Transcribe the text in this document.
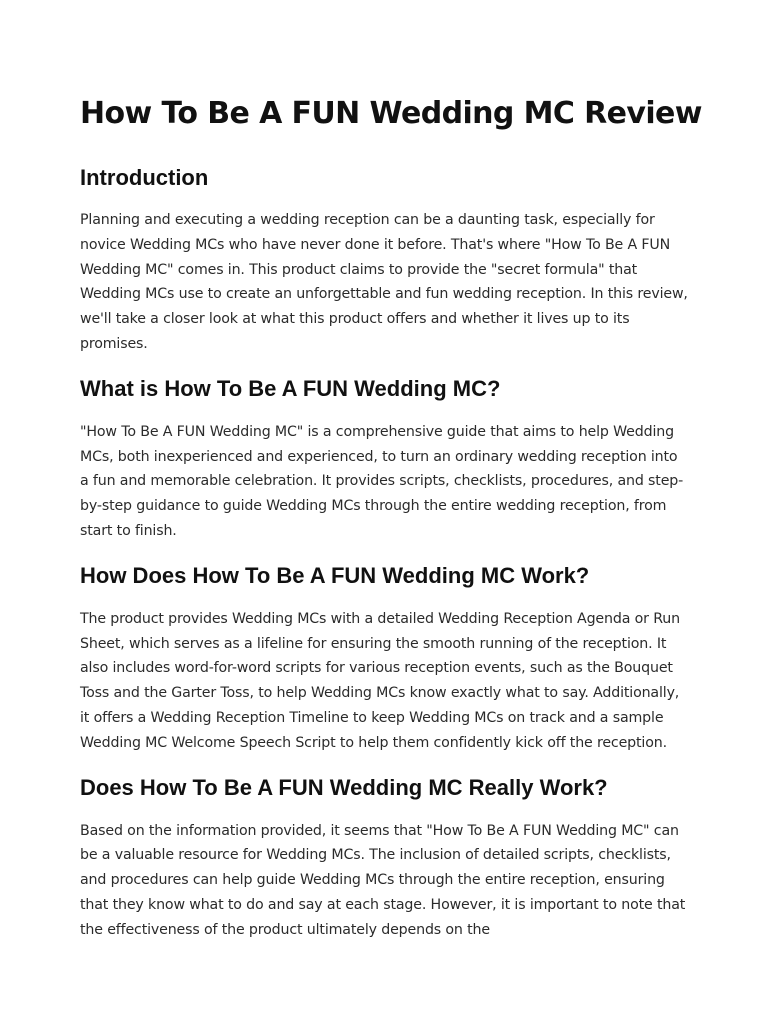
How To Be A FUN Wedding MC Review
Introduction

Planning and executing a wedding reception can be a daunting task, especially for novice Wedding MCs who have never done it before. That's where "How To Be A FUN Wedding MC" comes in. This product claims to provide the "secret formula" that Wedding MCs use to create an unforgettable and fun wedding reception. In this review, we'll take a closer look at what this product offers and whether it lives up to its promises.

What is How To Be A FUN Wedding MC?

"How To Be A FUN Wedding MC" is a comprehensive guide that aims to help Wedding MCs, both inexperienced and experienced, to turn an ordinary wedding reception into a fun and memorable celebration. It provides scripts, checklists, procedures, and step-by-step guidance to guide Wedding MCs through the entire wedding reception, from start to finish.

How Does How To Be A FUN Wedding MC Work?

The product provides Wedding MCs with a detailed Wedding Reception Agenda or Run Sheet, which serves as a lifeline for ensuring the smooth running of the reception. It also includes word-for-word scripts for various reception events, such as the Bouquet Toss and the Garter Toss, to help Wedding MCs know exactly what to say. Additionally, it offers a Wedding Reception Timeline to keep Wedding MCs on track and a sample Wedding MC Welcome Speech Script to help them confidently kick off the reception.

Does How To Be A FUN Wedding MC Really Work?

Based on the information provided, it seems that "How To Be A FUN Wedding MC" can be a valuable resource for Wedding MCs. The inclusion of detailed scripts, checklists, and procedures can help guide Wedding MCs through the entire reception, ensuring that they know what to do and say at each stage. However, it is important to note that the effectiveness of the product ultimately depends on the
